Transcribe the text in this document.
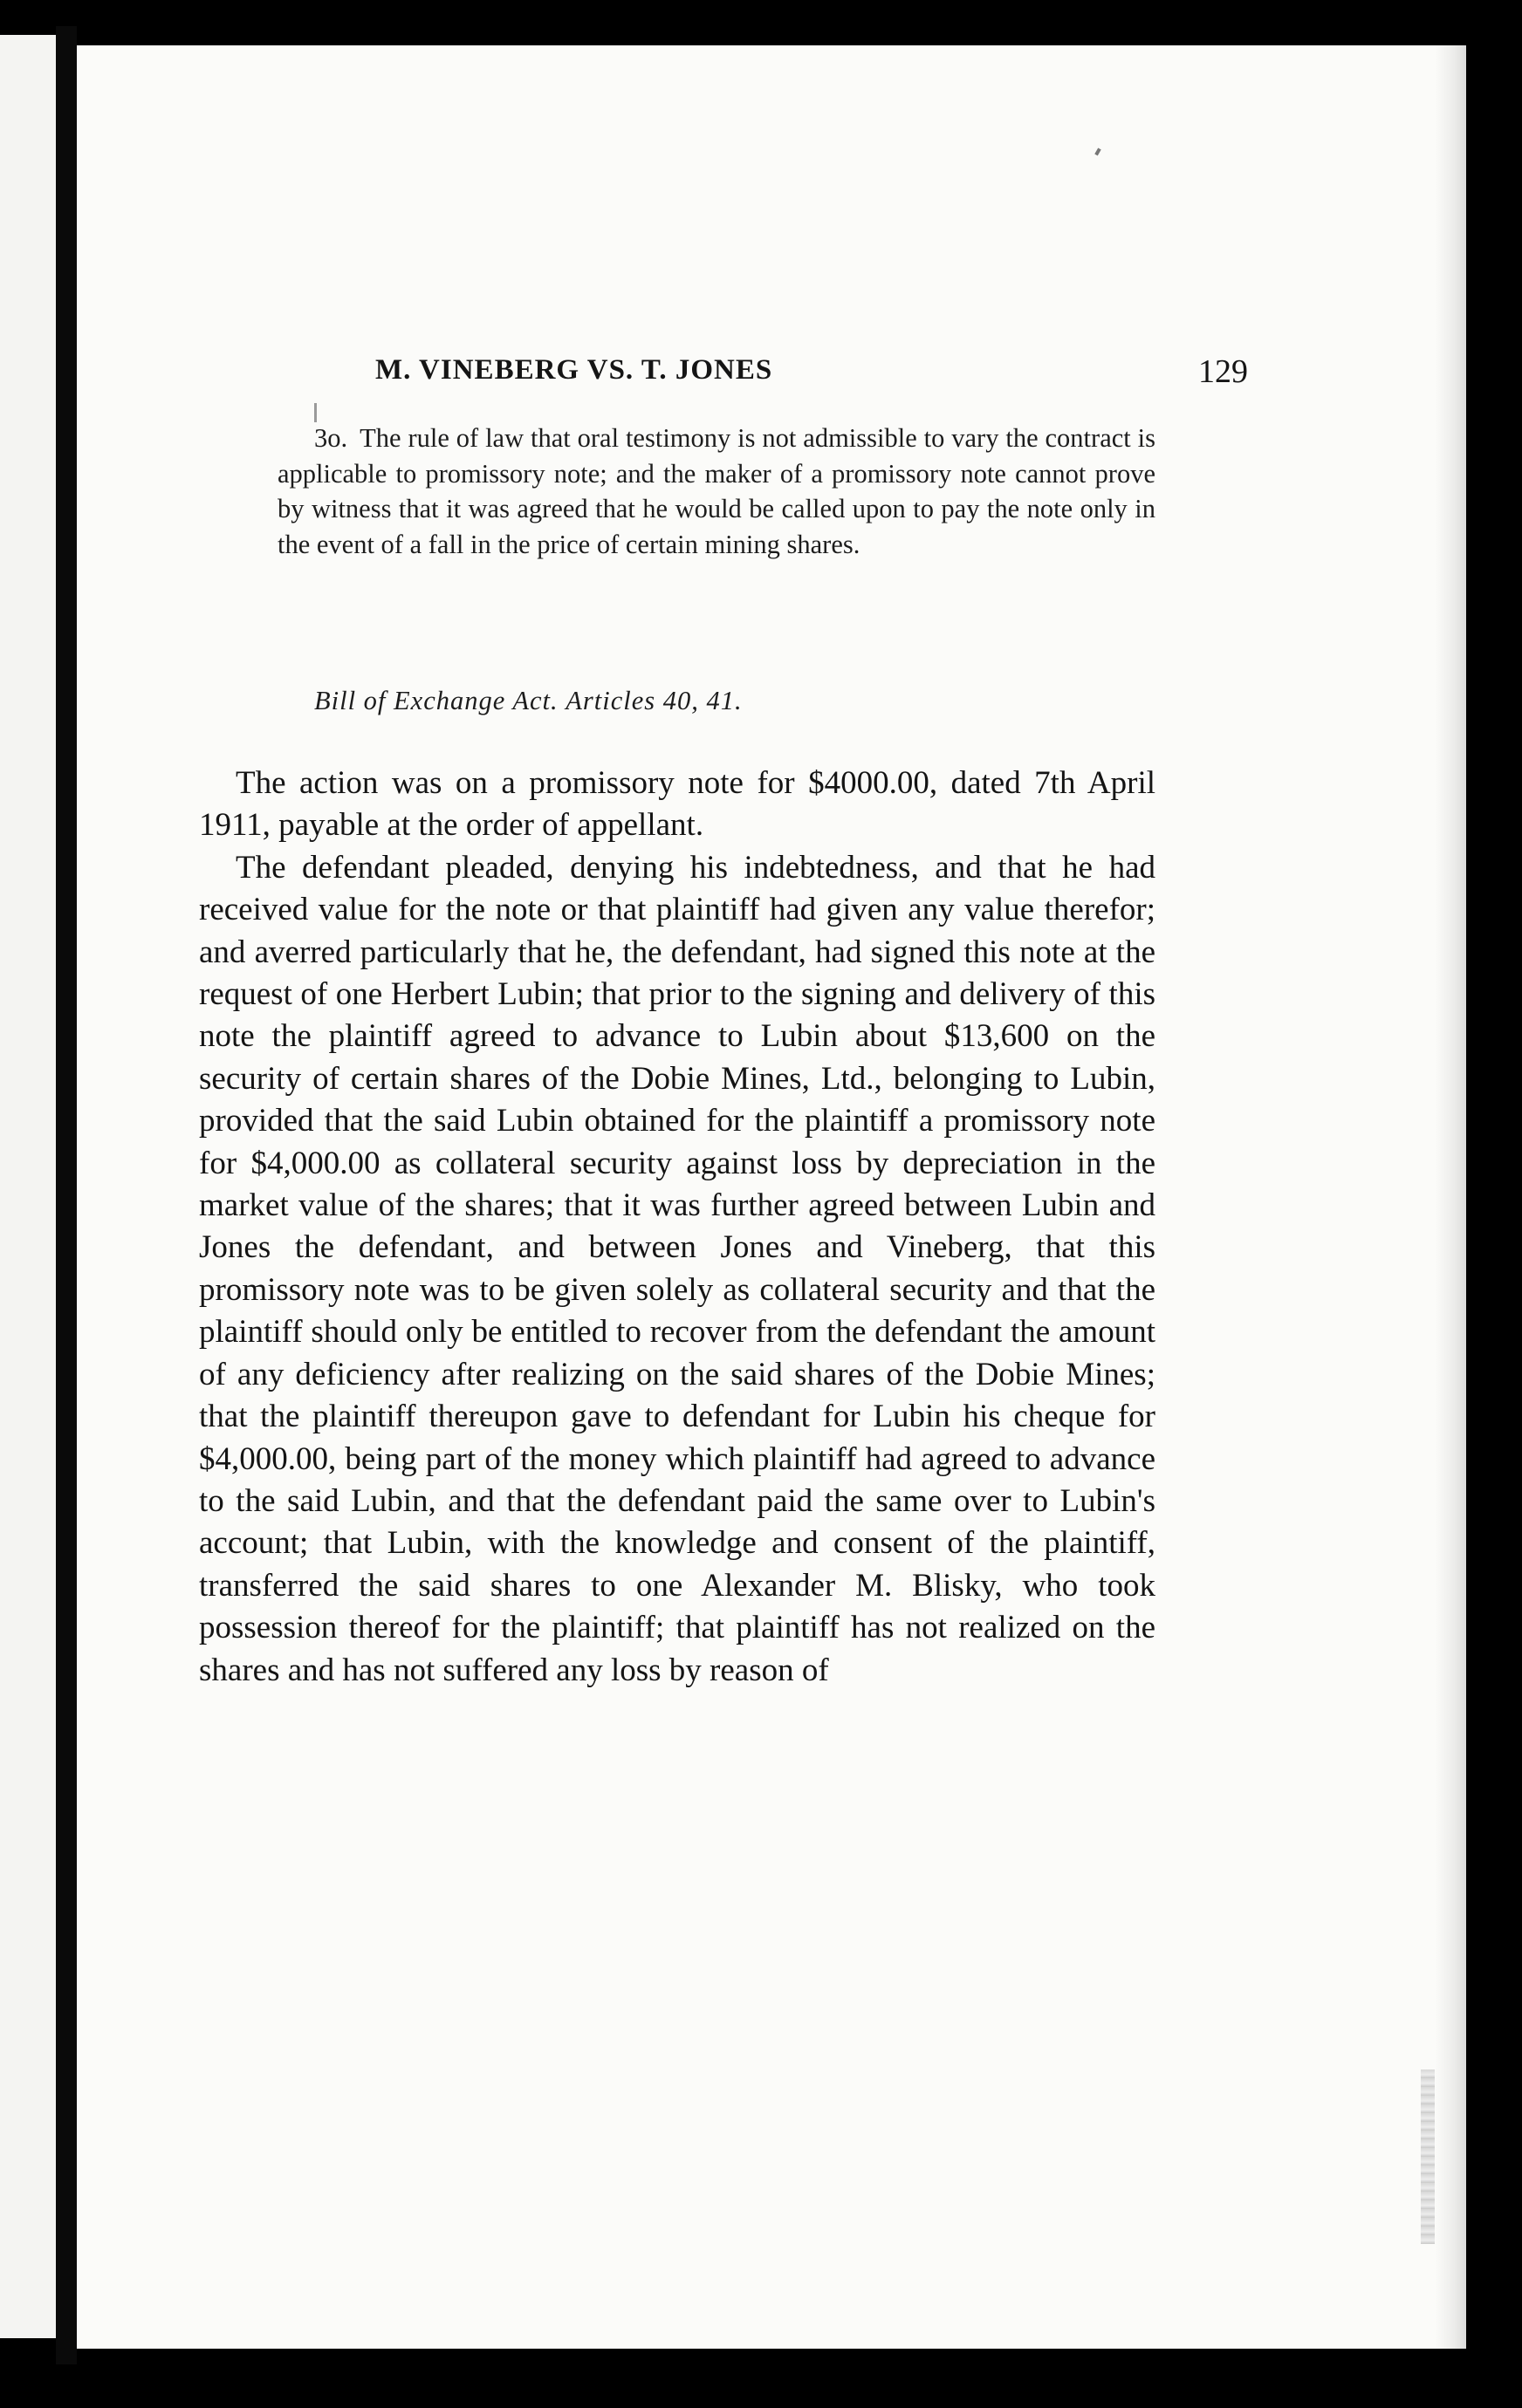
M. VINEBERG VS. T. JONES	129

3o. The rule of law that oral testimony is not admissible to vary the contract is applicable to promissory note; and the maker of a promissory note cannot prove by witness that it was agreed that he would be called upon to pay the note only in the event of a fall in the price of certain mining shares.

Bill of Exchange Act. Articles 40, 41.

The action was on a promissory note for $4000.00, dated 7th April 1911, payable at the order of appellant.

The defendant pleaded, denying his indebtedness, and that he had received value for the note or that plaintiff had given any value therefor; and averred particularly that he, the defendant, had signed this note at the request of one Herbert Lubin; that prior to the signing and delivery of this note the plaintiff agreed to advance to Lubin about $13,600 on the security of certain shares of the Dobie Mines, Ltd., belonging to Lubin, provided that the said Lubin obtained for the plaintiff a promissory note for $4,000.00 as collateral security against loss by depreciation in the market value of the shares; that it was further agreed between Lubin and Jones the defendant, and between Jones and Vineberg, that this promissory note was to be given solely as collateral security and that the plaintiff should only be entitled to recover from the defendant the amount of any deficiency after realizing on the said shares of the Dobie Mines; that the plaintiff thereupon gave to defendant for Lubin his cheque for $4,000.00, being part of the money which plaintiff had agreed to advance to the said Lubin, and that the defendant paid the same over to Lubin's account; that Lubin, with the knowledge and consent of the plaintiff, transferred the said shares to one Alexander M. Blisky, who took possession thereof for the plaintiff; that plaintiff has not realized on the shares and has not suffered any loss by reason of
